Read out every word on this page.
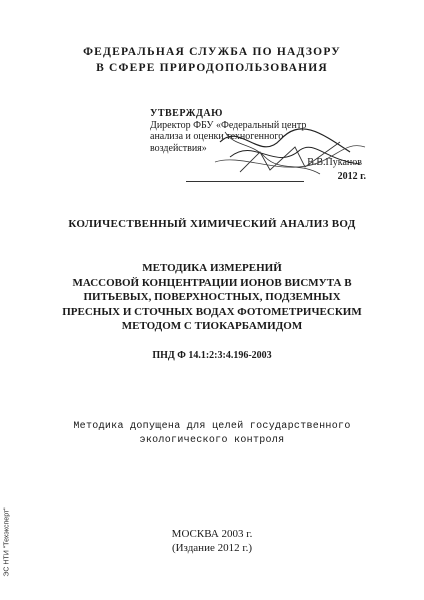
ФЕДЕРАЛЬНАЯ СЛУЖБА ПО НАДЗОРУ
В СФЕРЕ ПРИРОДОПОЛЬЗОВАНИЯ
УТВЕРЖДАЮ
Директор ФБУ «Федеральный центр
анализа и оценки техногенного
воздействия»
В.В.Пуканов
2012 г.
КОЛИЧЕСТВЕННЫЙ ХИМИЧЕСКИЙ АНАЛИЗ ВОД
МЕТОДИКА ИЗМЕРЕНИЙ
МАССОВОЙ КОНЦЕНТРАЦИИ ИОНОВ ВИСМУТА В
ПИТЬЕВЫХ, ПОВЕРХНОСТНЫХ, ПОДЗЕМНЫХ
ПРЕСНЫХ И СТОЧНЫХ ВОДАХ ФОТОМЕТРИЧЕСКИМ
МЕТОДОМ С ТИОКАРБАМИДОМ
ПНД Ф 14.1:2:3:4.196-2003
Методика допущена для целей государственного
экологического контроля
МОСКВА 2003 г.
(Издание 2012 г.)
ЭС НТИ "Техэксперт"
